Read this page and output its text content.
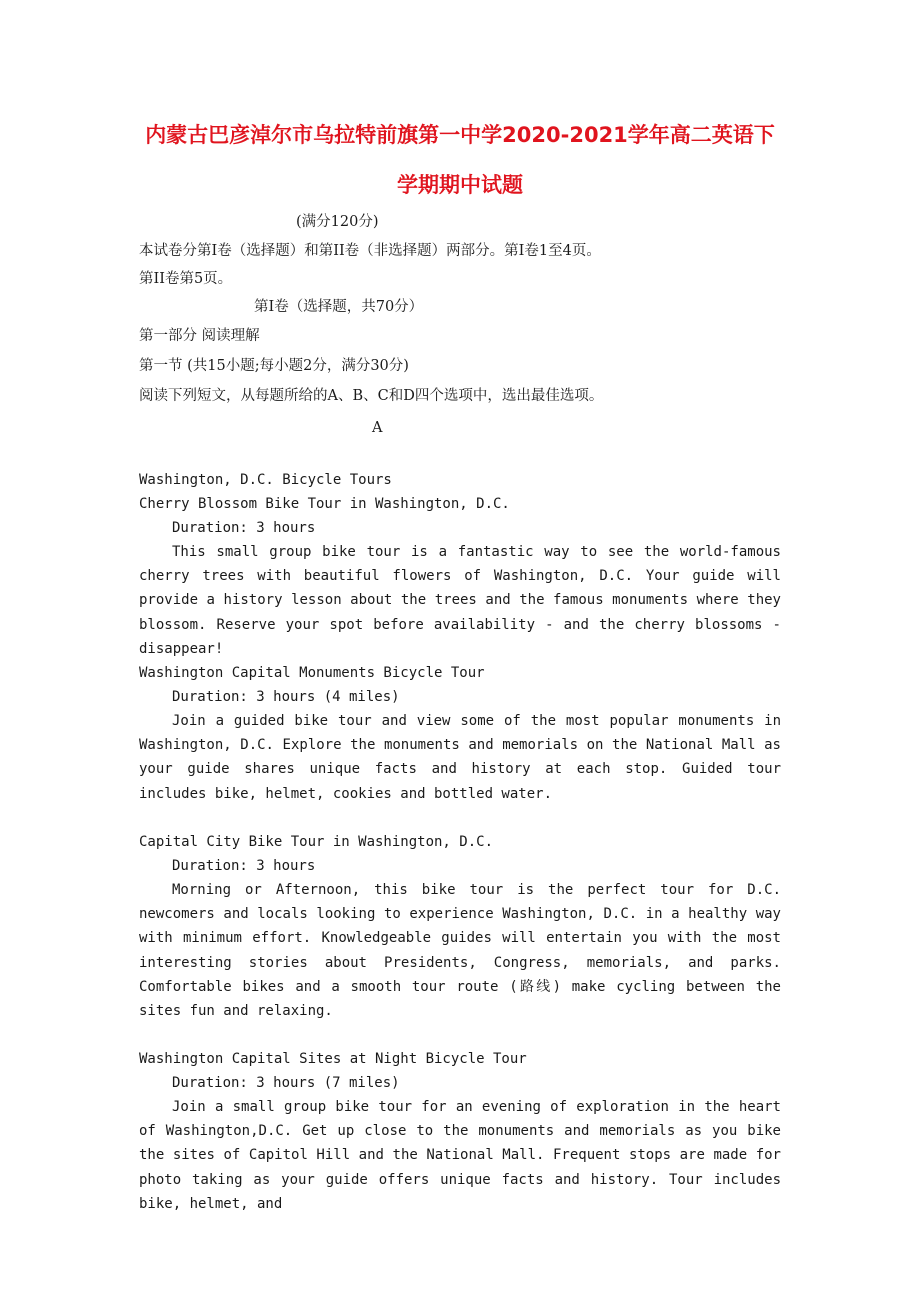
内蒙古巴彦淖尔市乌拉特前旗第一中学2020-2021学年高二英语下
学期期中试题

(满分120分)

本试卷分第Ⅰ卷（选择题）和第II卷（非选择题）两部分。第Ⅰ卷1至4页。

第II卷第5页。

第Ⅰ卷（选择题，共70分）

第一部分 阅读理解

第一节 (共15小题;每小题2分，满分30分)

阅读下列短文，从每题所给的A、B、C和D四个选项中，选出最佳选项。

A

Washington, D.C. Bicycle Tours

Cherry Blossom Bike Tour in Washington, D.C.

Duration: 3 hours

This small group bike tour is a fantastic way to see the world-famous cherry trees with beautiful flowers of Washington, D.C. Your guide will provide a history lesson about the trees and the famous monuments where they blossom. Reserve your spot before availability - and the cherry blossoms - disappear!

Washington Capital Monuments Bicycle Tour

Duration: 3 hours (4 miles)

Join a guided bike tour and view some of the most popular monuments in Washington, D.C. Explore the monuments and memorials on the National Mall as your guide shares unique facts and history at each stop. Guided tour includes bike, helmet, cookies and bottled water.

Capital City Bike Tour in Washington, D.C.

Duration: 3 hours

Morning or Afternoon, this bike tour is the perfect tour for D.C. newcomers and locals looking to experience Washington, D.C. in a healthy way with minimum effort. Knowledgeable guides will entertain you with the most interesting stories about Presidents, Congress, memorials, and parks. Comfortable bikes and a smooth tour route (路线) make cycling between the sites fun and relaxing.

Washington Capital Sites at Night Bicycle Tour

Duration: 3 hours (7 miles)

Join a small group bike tour for an evening of exploration in the heart of Washington,D.C. Get up close to the monuments and memorials as you bike the sites of Capitol Hill and the National Mall. Frequent stops are made for photo taking as your guide offers unique facts and history. Tour includes bike, helmet, and
